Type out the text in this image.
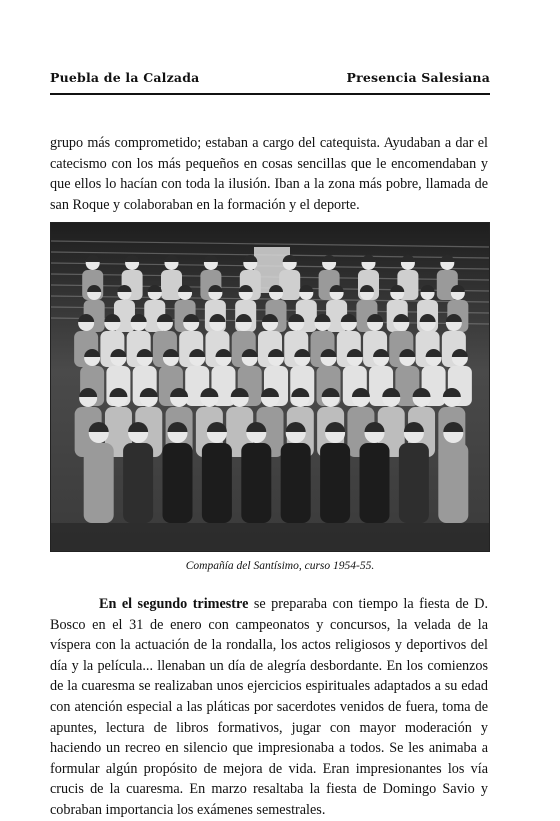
Puebla de la Calzada	Presencia Salesiana

grupo más comprometido; estaban a cargo del catequista. Ayudaban a dar el catecismo con los más pequeños en cosas sencillas que le encomendaban y que ellos lo hacían con toda la ilusión. Iban a la zona más pobre, llamada de san Roque y colaboraban en la formación y el deporte.

Compañía del Santísimo, curso 1954-55.

En el segundo trimestre se preparaba con tiempo la fiesta de D. Bosco en el 31 de enero con campeonatos y concursos, la velada de la víspera con la actuación de la rondalla, los actos religiosos y deportivos del día y la película... llenaban un día de alegría desbordante. En los comienzos de la cuaresma se realizaban unos ejercicios espirituales adaptados a su edad con atención especial a las pláticas por sacerdotes venidos de fuera, toma de apuntes, lectura de libros formativos, jugar con mayor moderación y haciendo un recreo en silencio que impresionaba a todos. Se les animaba a formular algún propósito de mejora de vida. Eran impresionantes los vía crucis de la cuaresma. En marzo resaltaba la fiesta de Domingo Savio y cobraban importancia los exámenes semestrales.
